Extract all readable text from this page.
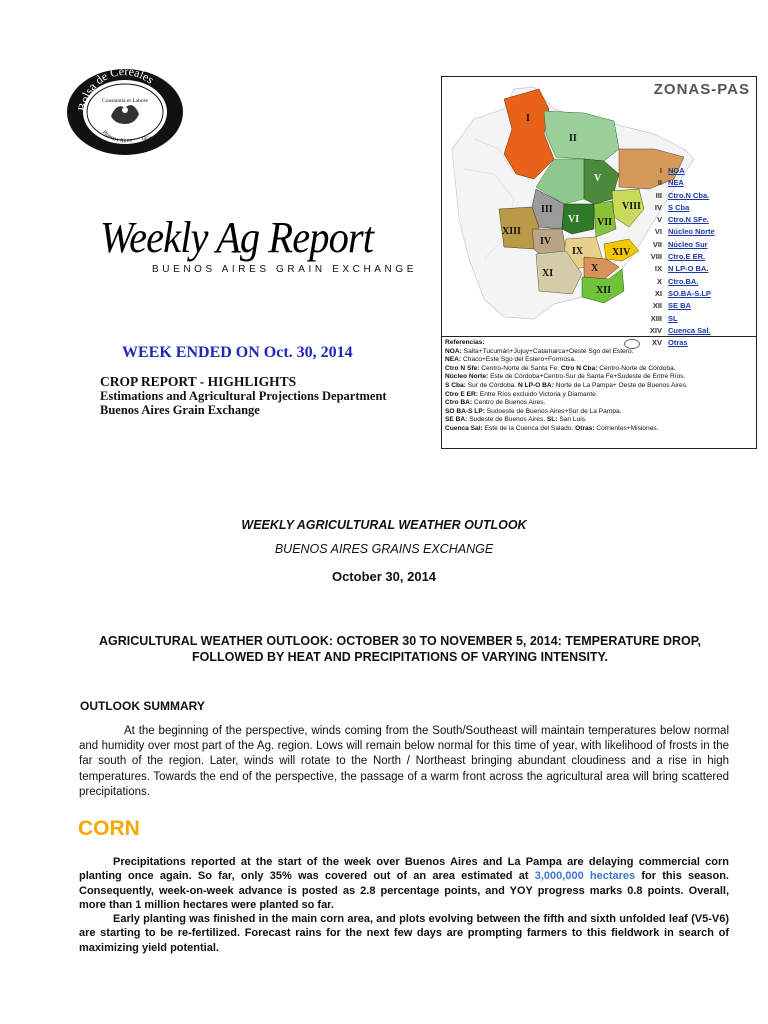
Bolsa de Cereales
Buenos Aires
Constantia et Labore
1854
Weekly Ag Report
BUENOS AIRES GRAIN EXCHANGE
WEEK ENDED ON Oct. 30, 2014
CROP REPORT - HIGHLIGHTS
Estimations and Agricultural Projections Department
Buenos Aires Grain Exchange
I
II
V
VIII
III
VI VII
XIII
IV
IX	XIV
X
XI
XII
ZONAS-PAS
I NOA
II NEA
III Ctro.N Cba.
IV S Cba
V Ctro.N SFe.
VI Núcleo Norte
VII Núcleo Sur
VIII Ctro.E ER.
IX N LP-O BA.
X Ctro.BA.
XI SO.BA-S.LP
XII SE BA
XIII SL
XIV Cuenca Sal.
XV Otras
Referencias:
NOA: Salta+Tucumán+Jujuy+Catamarca+Oeste Sgo del Estero.
NEA: Chaco+Este Sgo del Estero+Formosa.
Ctro N Sfe: Centro-Norte de Santa Fe. Ctro N Cba: Centro-Norte de Córdoba.
Núcleo Norte: Este de Córdoba+Centro-Sur de Santa Fe+Sudeste de Entre Ríos.
S Cba: Sur de Córdoba. N LP-O BA: Norte de La Pampa+ Oeste de Buenos Aires.
Ctro E ER: Entre Ríos excluido Victoria y Diamante.
Ctro BA: Centro de Buenos Aires.
SO BA-S LP: Sudoeste de Buenos Aires+Sur de La Pampa.
SE BA: Sudeste de Buenos Aires. SL: San Luis.
Cuenca Sal: Este de la Cuenca del Salado. Otras: Corrientes+Misiones.
WEEKLY AGRICULTURAL WEATHER OUTLOOK
BUENOS AIRES GRAINS EXCHANGE
October 30, 2014
AGRICULTURAL WEATHER OUTLOOK: OCTOBER 30 TO NOVEMBER 5, 2014: TEMPERATURE DROP, FOLLOWED BY HEAT AND PRECIPITATIONS OF VARYING INTENSITY.
OUTLOOK SUMMARY
At the beginning of the perspective, winds coming from the South/Southeast will maintain temperatures below normal and humidity over most part of the Ag. region. Lows will remain below normal for this time of year, with likelihood of frosts in the far south of the region. Later, winds will rotate to the North / Northeast bringing abundant cloudiness and a rise in high temperatures. Towards the end of the perspective, the passage of a warm front across the agricultural area will bring scattered precipitations.
CORN

Precipitations reported at the start of the week over Buenos Aires and La Pampa are delaying commercial corn planting once again. So far, only 35% was covered out of an area estimated at 3,000,000 hectares for this season. Consequently, week-on-week advance is posted as 2.8 percentage points, and YOY progress marks 0.8 points. Overall, more than 1 million hectares were planted so far.

Early planting was finished in the main corn area, and plots evolving between the fifth and sixth unfolded leaf (V5-V6) are starting to be re-fertilized. Forecast rains for the next few days are prompting farmers to this fieldwork in search of maximizing yield potential.
